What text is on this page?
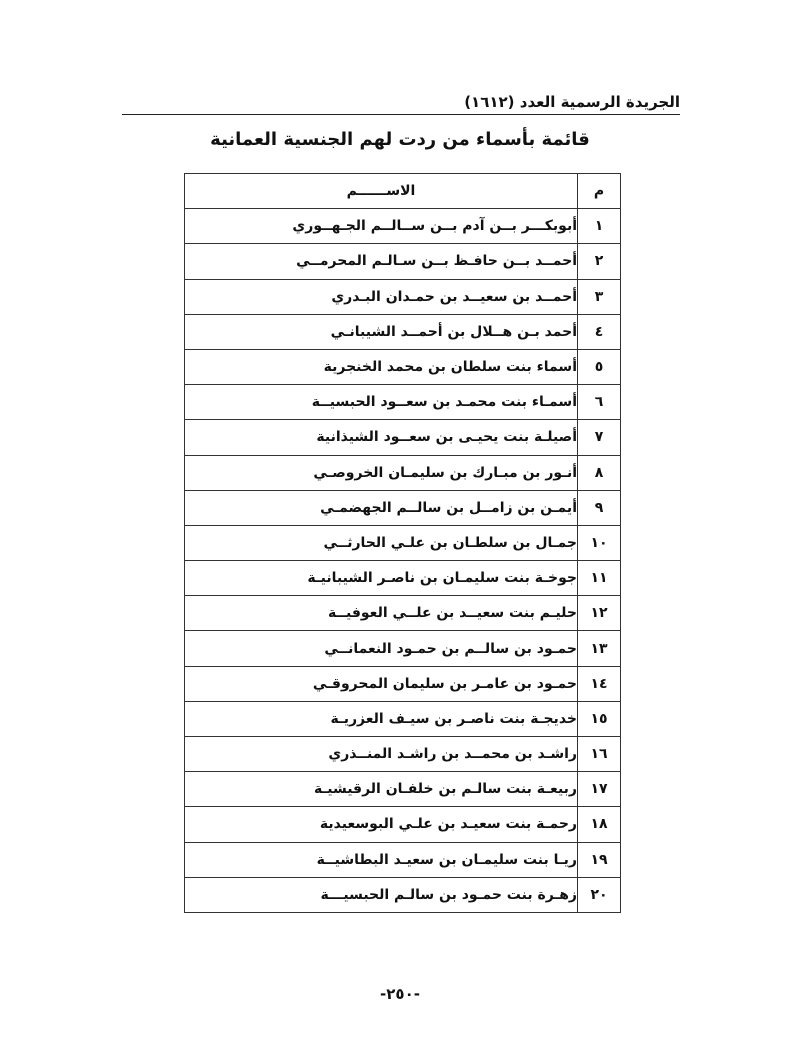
الجريدة الرسمية العدد (١٦١٢)
قائمة بأسماء من ردت لهم الجنسية العمانية
م	الاســــــم
١	أبوبكـــر بــن آدم بــن ســالــم الجـهــوري
٢	أحمــد بــن حافـظ بــن سـالـم المحرمــي
٣	أحمــد بن سعيــد بن حمـدان البـدري
٤	أحمد بـن هــلال بن أحمــد الشيبانـي
٥	أسماء بنت سلطان بن محمد الخنجرية
٦	أسمـاء بنت محمـد بن سعــود الحبسيــة
٧	أصيلـة بنت يحيـى بن سعــود الشيذانية
٨	أنـور بن مبـارك بن سليمـان الخروصـي
٩	أيمـن بن زامــل بن سالــم الجهضمـي
١٠	جمـال بن سلطـان بن علـي الحارثــي
١١	جوخـة بنت سليمـان بن ناصـر الشيبانيـة
١٢	حليـم بنت سعيــد بن علــي العوفيــة
١٣	حمـود بن سالــم بن حمـود النعمانــي
١٤	حمـود بن عامـر بن سليمان المحروقـي
١٥	خديجـة بنت ناصـر بن سيـف العزريـة
١٦	راشـد بن محمــد بن راشـد المنــذري
١٧	ربيعـة بنت سالـم بن خلفـان الرقيشيـة
١٨	رحمـة بنت سعيـد بن علـي البوسعيدية
١٩	ريـا بنت سليمـان بن سعيـد البطاشيــة
٢٠	زهـرة بنت حمـود بن سالـم الحبسيـــة
-٢٥٠-
